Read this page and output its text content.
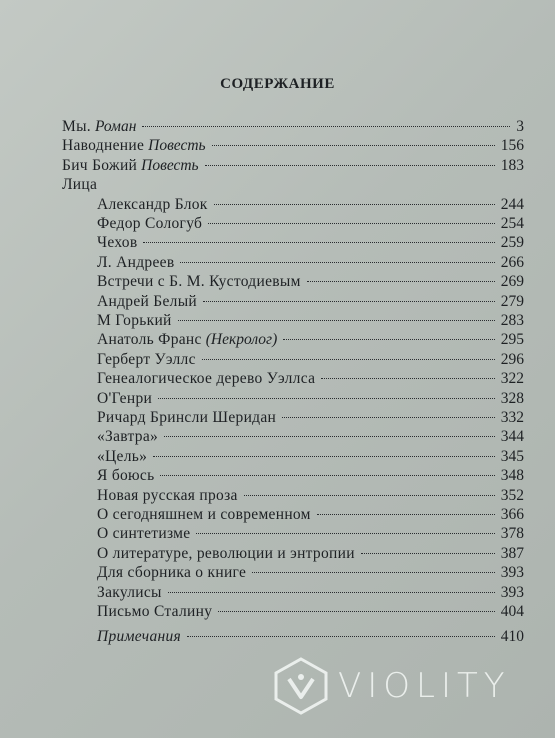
СОДЕРЖАНИЕ
Мы. Роман	3
Наводнение Повесть	156
Бич Божий Повесть	183
Лица
Александр Блок	244
Федор Сологуб	254
Чехов	259
Л. Андреев	266
Встречи с Б. М. Кустодиевым	269
Андрей Белый	279
М Горький	283
Анатоль Франс (Некролог)	295
Герберт Уэллс	296
Генеалогическое дерево Уэллса	322
О'Генри	328
Ричард Бринсли Шеридан	332
«Завтра»	344
«Цель»	345
Я боюсь	348
Новая русская проза	352
О сегодняшнем и современном	366
О синтетизме	378
О литературе, революции и энтропии	387
Для сборника о книге	393
Закулисы	393
Письмо Сталину	404
Примечания	410
VIOLITY
